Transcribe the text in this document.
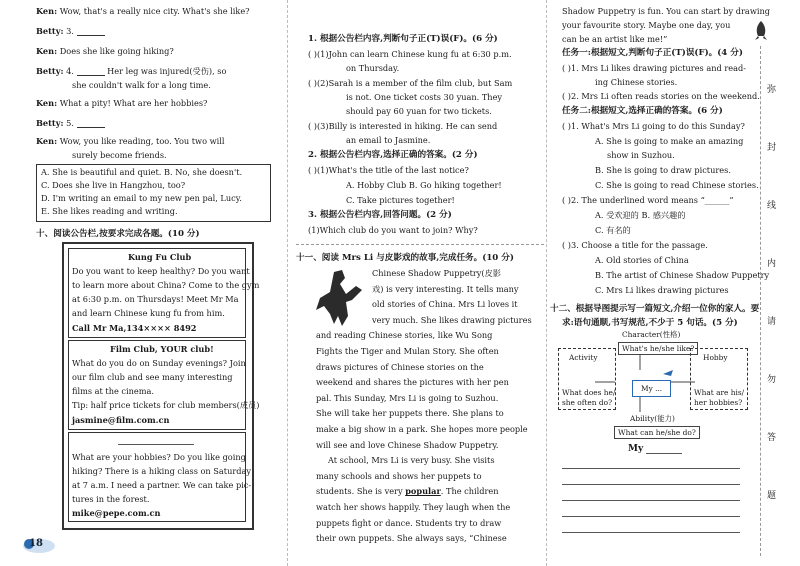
Ken: Wow, that's a really nice city. What's she like?
Betty: 3.
Ken: Does she like going hiking?
Betty: 4.	Her leg was injured(受伤), so
she couldn't walk for a long time.
Ken: What a pity! What are her hobbies?
Betty: 5.
Ken: Wow, you like reading, too. You two will
surely become friends.
A. She is beautiful and quiet. B. No, she doesn't.
C. Does she live in Hangzhou, too?
D. I'm writing an email to my new pen pal, Lucy.
E. She likes reading and writing.
十、阅读公告栏,按要求完成各题。(10 分)
Kung Fu Club
Do you want to keep healthy? Do you want
to learn more about China? Come to the gym
at 6:30 p.m. on Thursdays! Meet Mr Ma
and learn Chinese kung fu from him.
Call Mr Ma,134×××× 8492
Film Club, YOUR club!
What do you do on Sunday evenings? Join
our film club and see many interesting
films at the cinema.
Tip: half price tickets for club members(成员)
jasmine@film.com.cn
What are your hobbies? Do you like going
hiking? There is a hiking class on Saturday
at 7 a.m. I need a partner. We can take pic-
tures in the forest.
mike@pepe.com.cn
18
1. 根据公告栏内容,判断句子正(T)误(F)。(6 分)
( )(1)John can learn Chinese kung fu at 6:30 p.m.
on Thursday.
( )(2)Sarah is a member of the film club, but Sam
is not. One ticket costs 30 yuan. They
should pay 60 yuan for two tickets.
( )(3)Billy is interested in hiking. He can send
an email to Jasmine.
2. 根据公告栏内容,选择正确的答案。(2 分)
( )(1)What's the title of the last notice?
A. Hobby Club B. Go hiking together!
C. Take pictures together!
3. 根据公告栏内容,回答问题。(2 分)
(1)Which club do you want to join? Why?
十一、阅读 Mrs Li 与皮影戏的故事,完成任务。(10 分)
Chinese Shadow Puppetry(皮影
戏) is very interesting. It tells many
old stories of China. Mrs Li loves it
very much. She likes drawing pictures
and reading Chinese stories, like Wu Song
Fights the Tiger and Mulan Story. She often
draws pictures of Chinese stories on the
weekend and shares the pictures with her pen
pal. This Sunday, Mrs Li is going to Suzhou.
She will take her puppets there. She plans to
make a big show in a park. She hopes more people
will see and love Chinese Shadow Puppetry.
At school, Mrs Li is very busy. She visits
many schools and shows her puppets to
students. She is very popular. The children
watch her shows happily. They laugh when the
puppets fight or dance. Students try to draw
their own puppets. She always says, “Chinese
Shadow Puppetry is fun. You can start by drawing
your favourite story. Maybe one day, you
can be an artist like me!”
任务一:根据短文,判断句子正(T)误(F)。(4 分)
( )1. Mrs Li likes drawing pictures and read-
ing Chinese stories.
( )2. Mrs Li often reads stories on the weekend.
任务二:根据短文,选择正确的答案。(6 分)
( )1. What's Mrs Li going to do this Sunday?
A. She is going to make an amazing
show in Suzhou.
B. She is going to draw pictures.
C. She is going to read Chinese stories.
( )2. The underlined word means “______”
A. 受欢迎的 B. 感兴趣的
C. 有名的
( )3. Choose a title for the passage.
A. Old stories of China
B. The artist of Chinese Shadow Puppetry
C. Mrs Li likes drawing pictures
十二、根据导图提示写一篇短文,介绍一位你的家人。要
求:语句通顺,书写规范,不少于 5 句话。(5 分)
Character(性格)
What's he/she like?
Activity
What does he/
she often do?
My ...
Hobby
What are his/
her hobbies?
Ability(能力)
What can he/she do?
My
弥
封
线
内
请
勿
答
题
